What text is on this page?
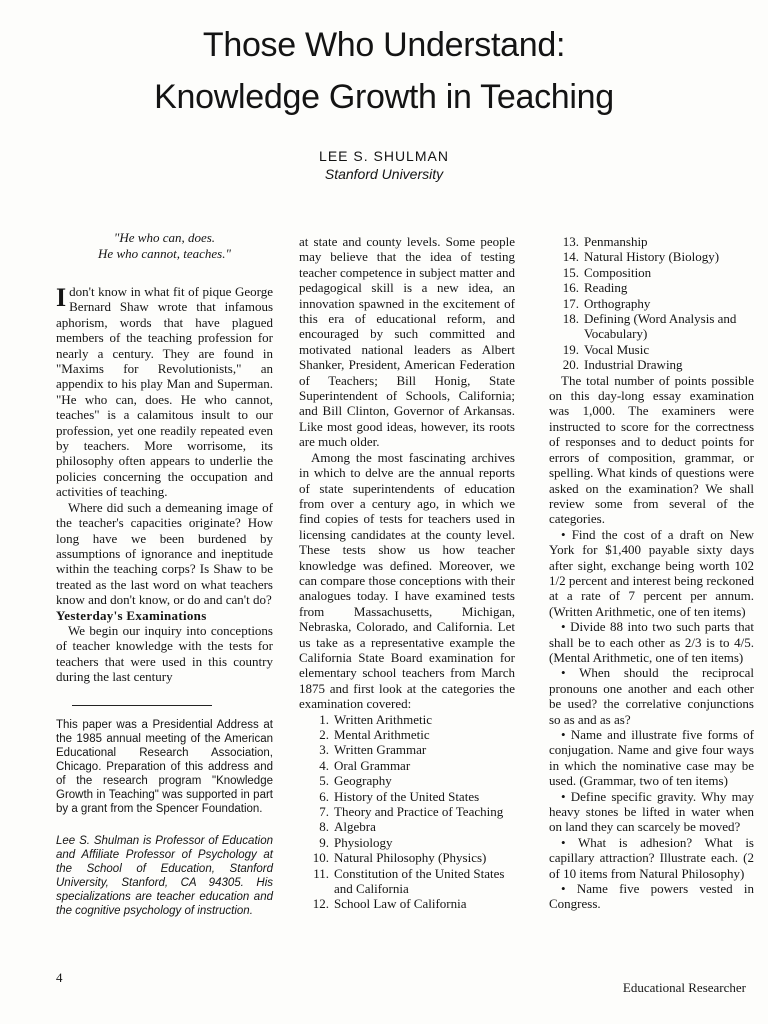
Those Who Understand:
Knowledge Growth in Teaching
LEE S. SHULMAN
Stanford University
"He who can, does.
He who cannot, teaches."

Idon't know in what fit of pique George Bernard Shaw wrote that infamous aphorism, words that have plagued members of the teaching profession for nearly a century. They are found in "Maxims for Revolutionists," an appendix to his play Man and Superman. "He who can, does. He who cannot, teaches" is a calamitous insult to our profession, yet one readily repeated even by teachers. More worrisome, its philosophy often appears to underlie the policies concerning the occupation and activities of teaching.

Where did such a demeaning image of the teacher's capacities originate? How long have we been burdened by assumptions of ignorance and ineptitude within the teaching corps? Is Shaw to be treated as the last word on what teachers know and don't know, or do and can't do?

Yesterday's Examinations

We begin our inquiry into conceptions of teacher knowledge with the tests for teachers that were used in this country during the last century

This paper was a Presidential Address at the 1985 annual meeting of the American Educational Research Association, Chicago. Preparation of this address and of the research program "Knowledge Growth in Teaching" was supported in part by a grant from the Spencer Foundation.

Lee S. Shulman is Professor of Education and Affiliate Professor of Psychology at the School of Education, Stanford University, Stanford, CA 94305. His specializations are teacher education and the cognitive psychology of instruction.

at state and county levels. Some people may believe that the idea of testing teacher competence in subject matter and pedagogical skill is a new idea, an innovation spawned in the excitement of this era of educational reform, and encouraged by such committed and motivated national leaders as Albert Shanker, President, American Federation of Teachers; Bill Honig, State Superintendent of Schools, California; and Bill Clinton, Governor of Arkansas. Like most good ideas, however, its roots are much older.

Among the most fascinating archives in which to delve are the annual reports of state superintendents of education from over a century ago, in which we find copies of tests for teachers used in licensing candidates at the county level. These tests show us how teacher knowledge was defined. Moreover, we can compare those conceptions with their analogues today. I have examined tests from Massachusetts, Michigan, Nebraska, Colorado, and California. Let us take as a representative example the California State Board examination for elementary school teachers from March 1875 and first look at the categories the examination covered:

1. Written Arithmetic
2. Mental Arithmetic
3. Written Grammar
4. Oral Grammar
5. Geography
6. History of the United States
7. Theory and Practice of Teaching
8. Algebra
9. Physiology
10. Natural Philosophy (Physics)
11. Constitution of the United States and California
12. School Law of California
13. Penmanship
14. Natural History (Biology)
15. Composition
16. Reading
17. Orthography
18. Defining (Word Analysis and Vocabulary)
19. Vocal Music
20. Industrial Drawing

The total number of points possible on this day-long essay examination was 1,000. The examiners were instructed to score for the correctness of responses and to deduct points for errors of composition, grammar, or spelling. What kinds of questions were asked on the examination? We shall review some from several of the categories.

• Find the cost of a draft on New York for $1,400 payable sixty days after sight, exchange being worth 102 1/2 percent and interest being reckoned at a rate of 7 percent per annum. (Written Arithmetic, one of ten items)

• Divide 88 into two such parts that shall be to each other as 2/3 is to 4/5. (Mental Arithmetic, one of ten items)

• When should the reciprocal pronouns one another and each other be used? the correlative conjunctions so as and as as?

• Name and illustrate five forms of conjugation. Name and give four ways in which the nominative case may be used. (Grammar, two of ten items)

• Define specific gravity. Why may heavy stones be lifted in water when on land they can scarcely be moved?

• What is adhesion? What is capillary attraction? Illustrate each. (2 of 10 items from Natural Philosophy)

• Name five powers vested in Congress.

4
Educational Researcher
